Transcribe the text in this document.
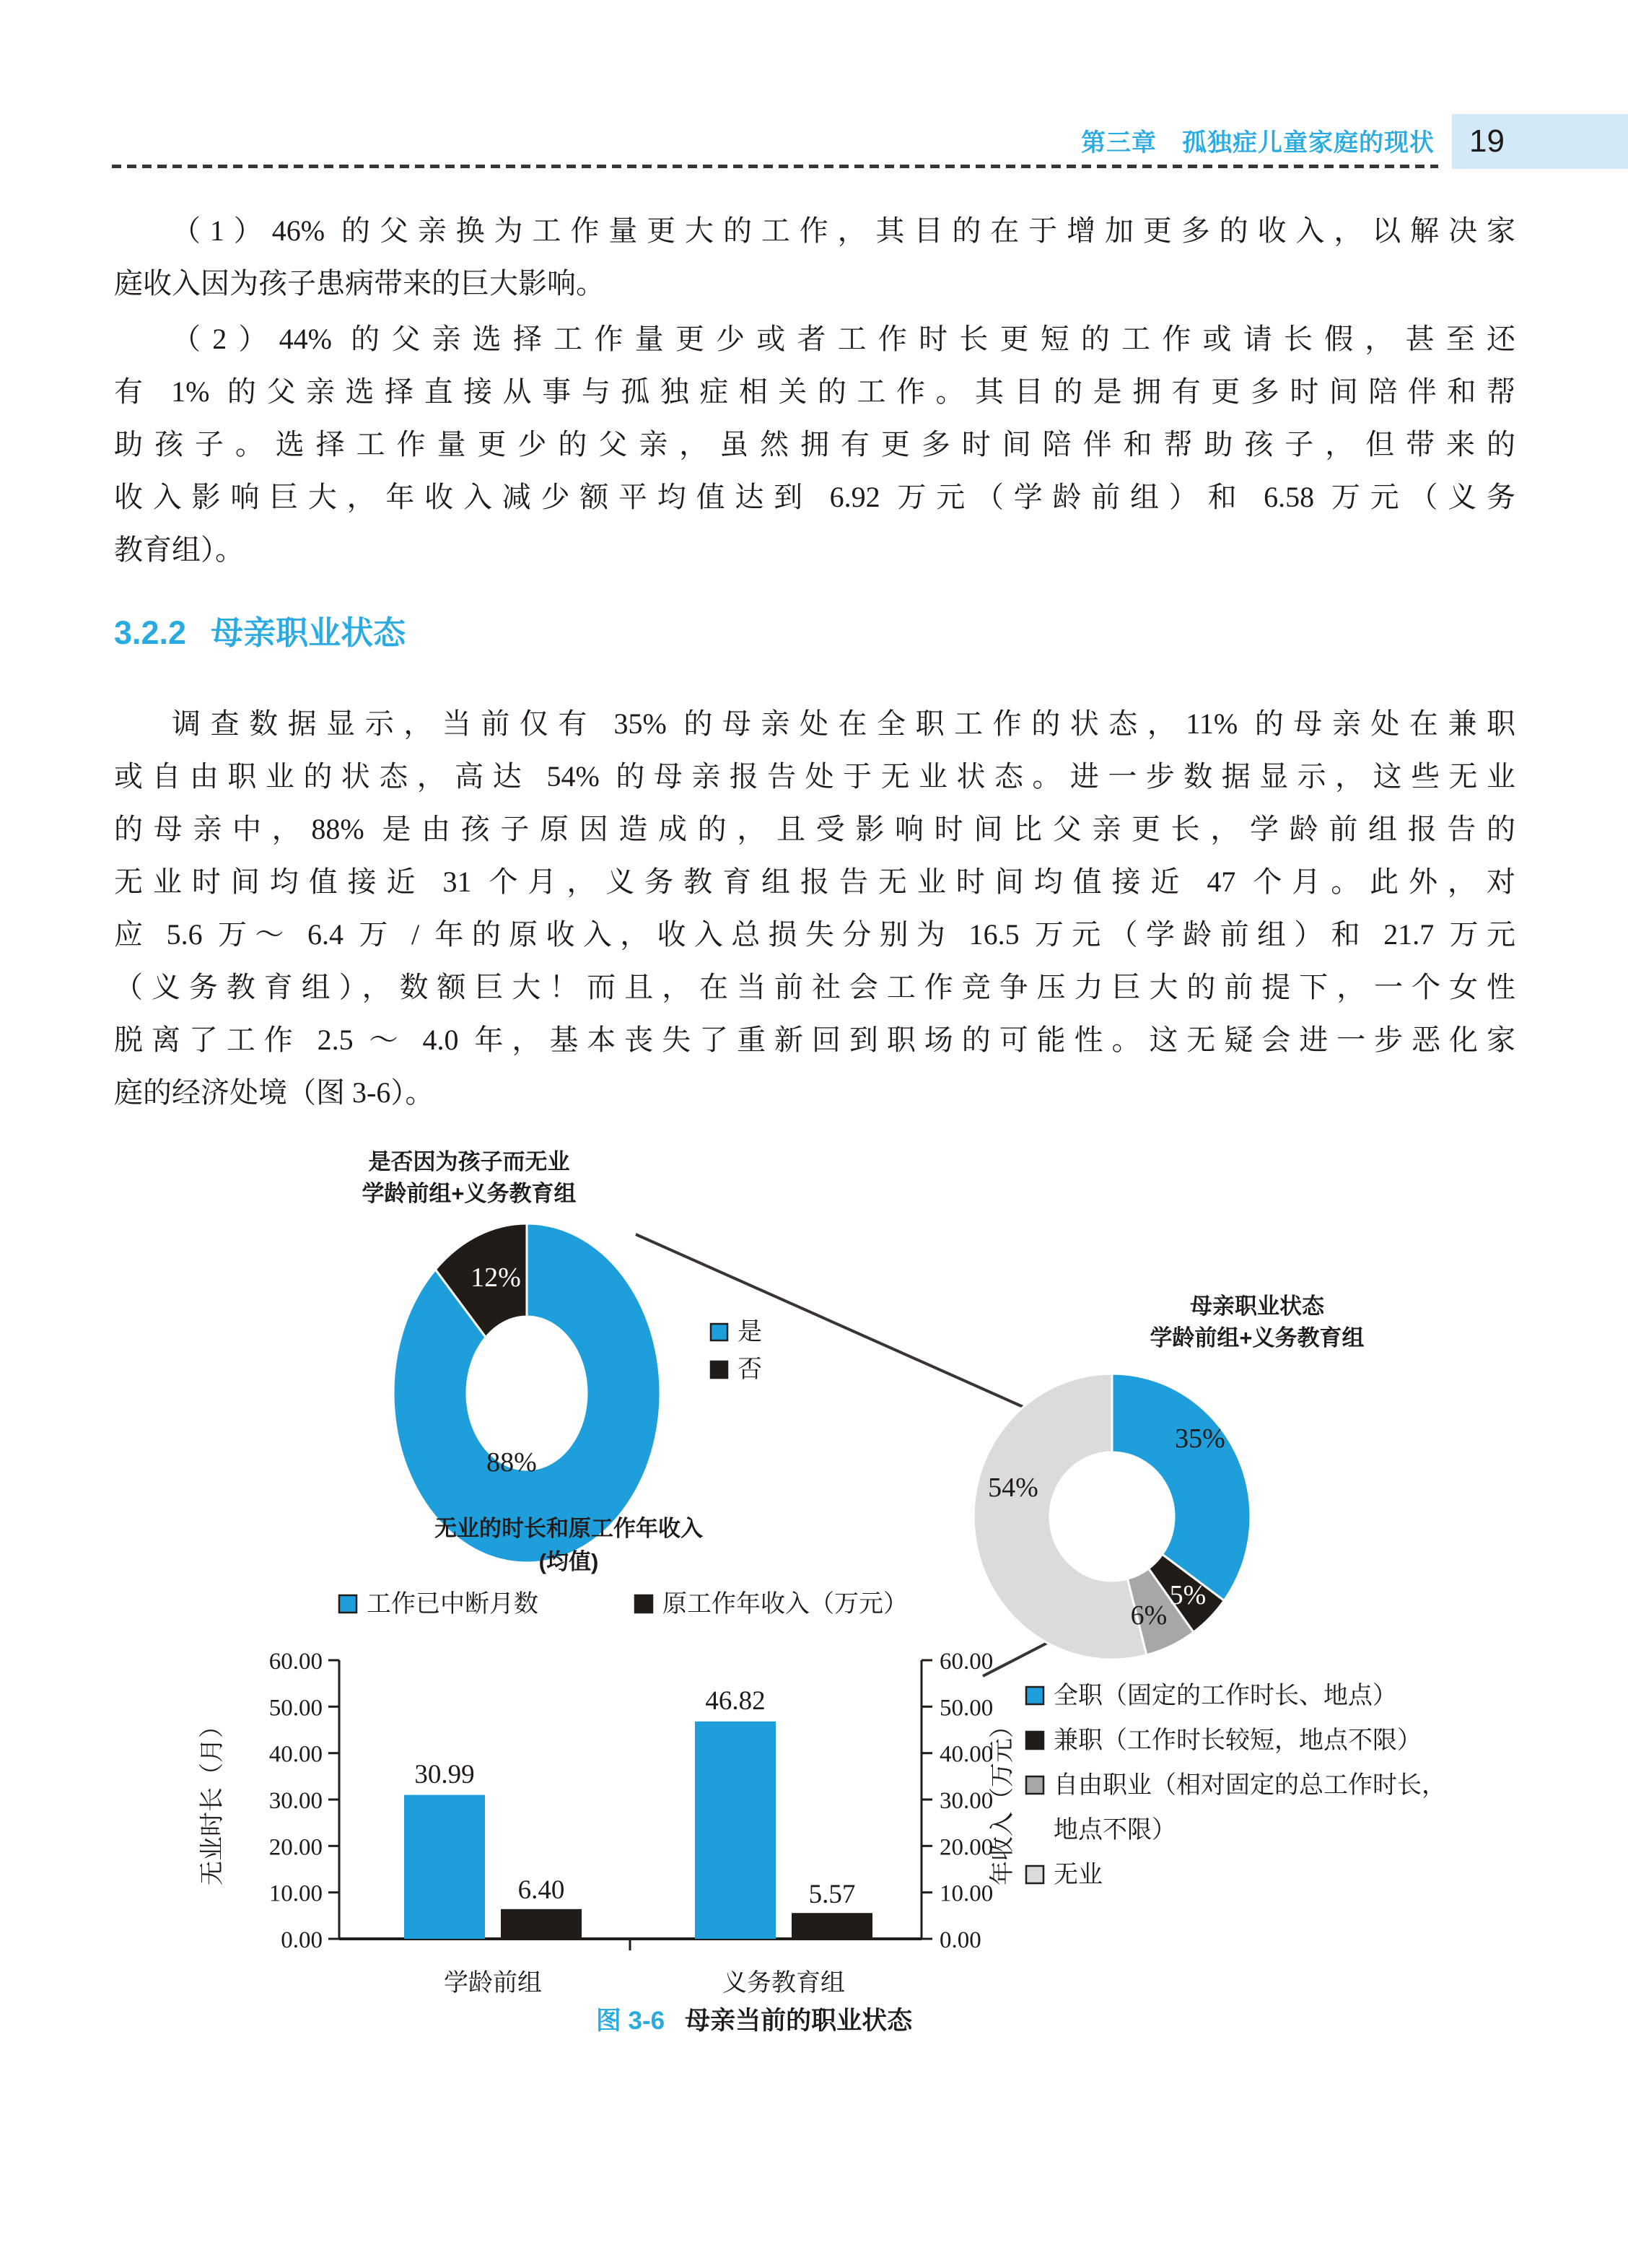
第三章　孤独症儿童家庭的现状	19
（1）46% 的父亲换为工作量更大的工作，其目的在于增加更多的收入，以解决家
庭收入因为孩子患病带来的巨大影响。
（2）44% 的父亲选择工作量更少或者工作时长更短的工作或请长假，甚至还
有 1% 的父亲选择直接从事与孤独症相关的工作。其目的是拥有更多时间陪伴和帮
助孩子。选择工作量更少的父亲，虽然拥有更多时间陪伴和帮助孩子，但带来的
收入影响巨大，年收入减少额平均值达到 6.92 万元（学龄前组）和 6.58 万元（义务
教育组）。
3.2.2 母亲职业状态
调查数据显示，当前仅有 35% 的母亲处在全职工作的状态，11% 的母亲处在兼职
或自由职业的状态，高达 54% 的母亲报告处于无业状态。进一步数据显示，这些无业
的母亲中，88% 是由孩子原因造成的，且受影响时间比父亲更长，学龄前组报告的
无业时间均值接近 31 个月，义务教育组报告无业时间均值接近 47 个月。此外，对
应 5.6 万～ 6.4 万 / 年的原收入，收入总损失分别为 16.5 万元（学龄前组）和 21.7 万元
（义务教育组），数额巨大！而且，在当前社会工作竞争压力巨大的前提下，一个女性
脱离了工作 2.5 ～ 4.0 年，基本丧失了重新回到职场的可能性。这无疑会进一步恶化家
庭的经济处境（图 3-6）。
是否因为孩子而无业
学龄前组+义务教育组
12%
88%
是
否
母亲职业状态
学龄前组+义务教育组
35%
5%
6%
54%
全职（固定的工作时长、地点）
兼职（工作时长较短，地点不限）
自由职业（相对固定的总工作时长，
地点不限）
无业
无业的时长和原工作年收入
(均值)
工作已中断月数	原工作年收入（万元）
0.00
10.00
20.00
30.00
40.00
50.00
60.00
0.00
10.00
20.00
30.00
40.00
50.00
60.00
30.99
6.40
46.82
5.57
学龄前组	义务教育组
无业时长（月）	年收入（万元）
图 3-6 母亲当前的职业状态
